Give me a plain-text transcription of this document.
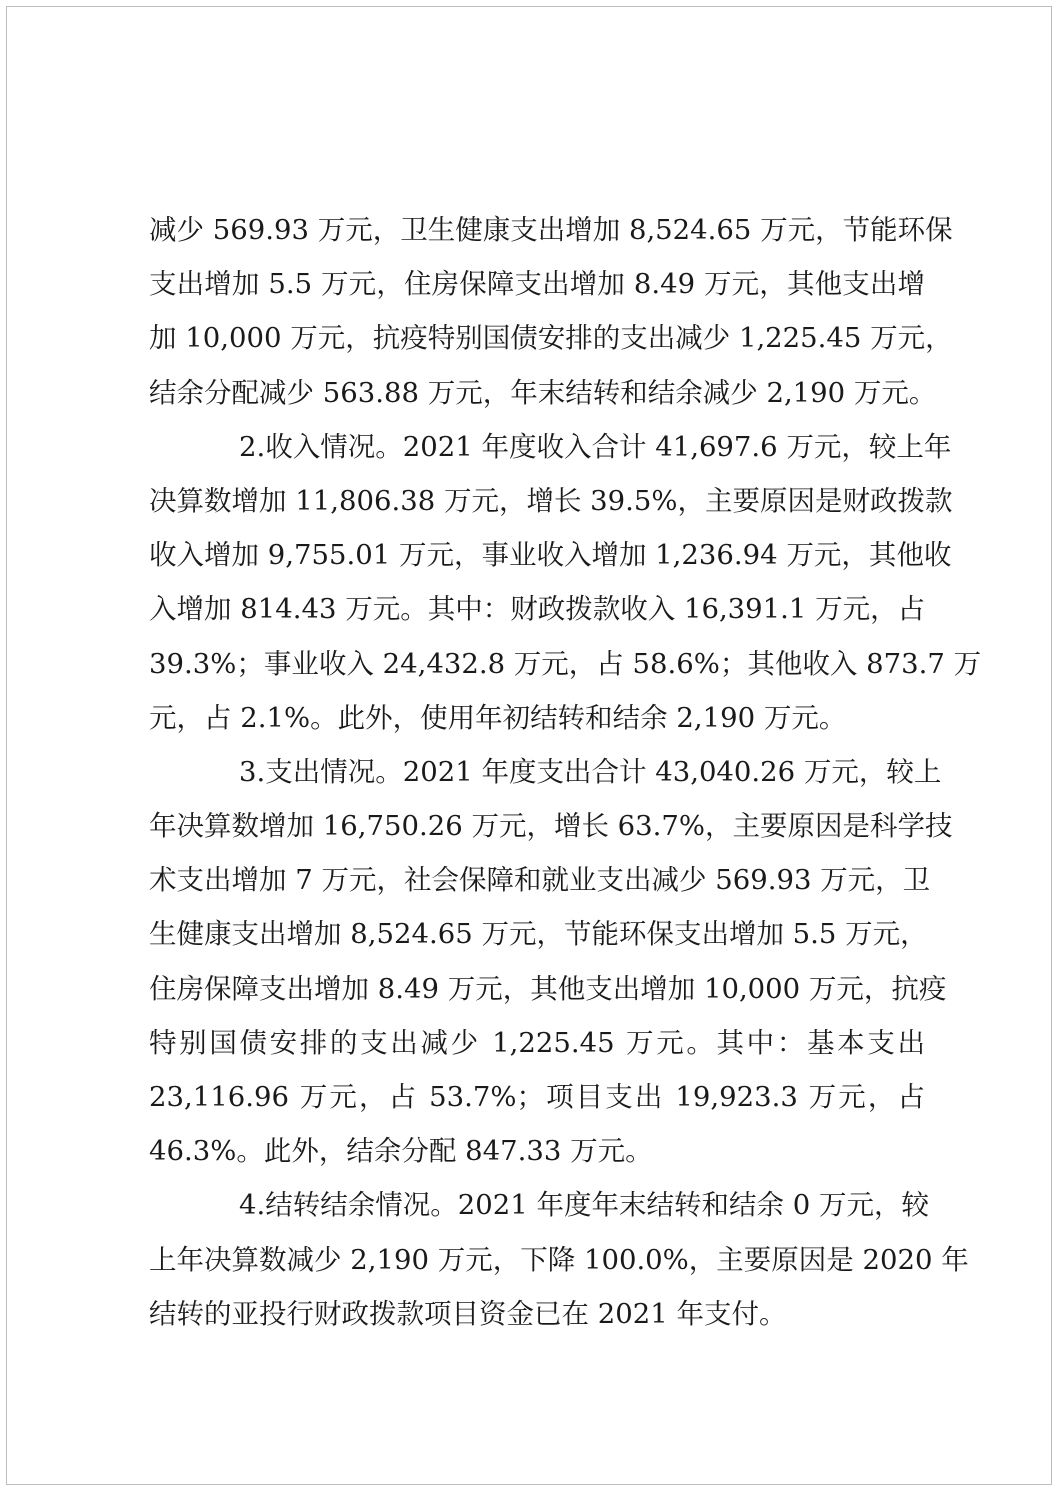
减少 569.93 万元，卫生健康支出增加 8,524.65 万元，节能环保
支出增加 5.5 万元，住房保障支出增加 8.49 万元，其他支出增
加 10,000 万元，抗疫特别国债安排的支出减少 1,225.45 万元，
结余分配减少 563.88 万元，年末结转和结余减少 2,190 万元。
2.收入情况。2021 年度收入合计 41,697.6 万元，较上年
决算数增加 11,806.38 万元，增长 39.5%，主要原因是财政拨款
收入增加 9,755.01 万元，事业收入增加 1,236.94 万元，其他收
入增加 814.43 万元。其中：财政拨款收入 16,391.1 万元，占
39.3%；事业收入 24,432.8 万元，占 58.6%；其他收入 873.7 万
元，占 2.1%。此外，使用年初结转和结余 2,190 万元。
3.支出情况。2021 年度支出合计 43,040.26 万元，较上
年决算数增加 16,750.26 万元，增长 63.7%，主要原因是科学技
术支出增加 7 万元，社会保障和就业支出减少 569.93 万元，卫
生健康支出增加 8,524.65 万元，节能环保支出增加 5.5 万元，
住房保障支出增加 8.49 万元，其他支出增加 10,000 万元，抗疫
特别国债安排的支出减少 1,225.45 万元。其中：基本支出
23,116.96 万元，占 53.7%；项目支出 19,923.3 万元，占
46.3%。此外，结余分配 847.33 万元。
4.结转结余情况。2021 年度年末结转和结余 0 万元，较
上年决算数减少 2,190 万元，下降 100.0%，主要原因是 2020 年
结转的亚投行财政拨款项目资金已在 2021 年支付。
